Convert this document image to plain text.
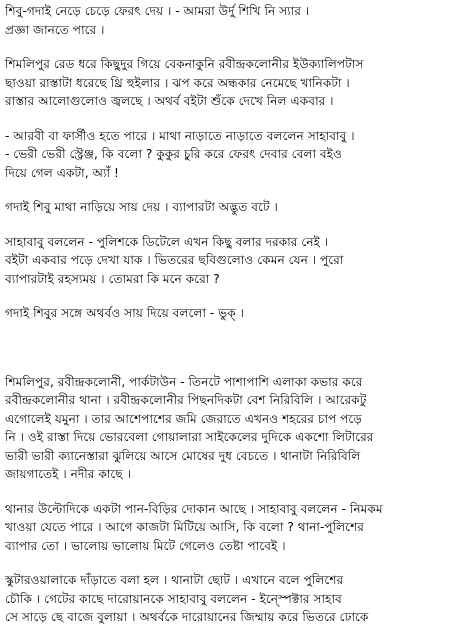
শিবু-গদাই নেড়ে চেড়ে ফেরৎ দেয় । - আমরা উর্দু শিখি নি স্যার ।
প্রজ্ঞা জানতে পারে ।
শিমলিপুর রেড ধরে কিছুদুর গিয়ে বেকনাকুনি রবীন্দ্রকলোনীর ইউক্যালিপটাস
ছাওয়া রাস্তাটা ধরেছে থ্রি হুইলার । ঝপ করে অন্ধকার নেমেছে খানিকটা ।
রাস্তার আলোগুলোও জ্বলছে । অথর্ব বইটা শুঁকে দেখে নিল একবার ।
- আরবী বা ফার্সীও হতে পারে । মাথা নাড়াতে নাড়াতে বললেন সাহাবাবু ।
- ভেরী ভেরী স্ট্রেঞ্জ, কি বলো ? কুকুর চুরি করে ফেরৎ দেবার বেলা বইও
দিয়ে গেল একটা, অ্যাঁ !
গদাই শিবু মাথা নাড়িয়ে সায় দেয় । ব্যাপারটা অদ্ভুত বটে ।
সাহাবাবু বললেন - পুলিশকে ডিটেলে এখন কিছু বলার দরকার নেই ।
বইটা একবার পড়ে দেখা যাক । ভিতরের ছবিগুলোও কেমন যেন । পুরো
ব্যাপারটাই রহস্যময় । তোমরা কি মনে করো ?
গদাই শিবুর সঙ্গে অথর্বও সায় দিয়ে বললো - ভুক্ ।
শিমলিপুর, রবীন্দ্রকলোনী, পার্কটাউন - তিনটে পাশাপাশি এলাকা কভার করে
রবীন্দ্রকলোনীর থানা । রবীন্দ্রকলোনীর পিছনদিকটা বেশ নিরিবিলি । আরেকটু
এগোলেই যমুনা । তার আশেপাশের জমি জেরাতে এখনও শহরের চাপ পড়ে
নি । ওই রাস্তা দিয়ে ভোরবেলা গোয়ালারা সাইকেলের দুদিকে একশো লিটারের
ভারী ভারী ক্যানেস্তারা ঝুলিয়ে আসে মোষের দুধ বেচতে । থানাটা নিরিবিলি
জায়গাতেই । নদীর কাছে ।
থানার উল্টোদিকে একটা পান-বিড়ির দোকান আছে । সাহাবাবু বললেন - নিমকম
খাওয়া যেতে পারে । আগে কাজটা মিটিয়ে আসি, কি বলো ? থানা-পুলিশের
ব্যাপার তো । ভালোয় ভালোয় মিটে গেলেও তেষ্টা পাবেই ।
স্কুটারওয়ালাকে দাঁড়াতে বলা হল । থানাটা ছোট । এখানে বলে পুলিশের
চৌকি । গেটের কাছে দারোয়ানকে সাহাবাবু বললেন - ইন্স্পেক্টার সাহাব
সে সাড়ে ছে বাজে বুলায়া । অথর্বকে দারোয়ানের জিম্মায় করে ভিতরে ঢোকে
